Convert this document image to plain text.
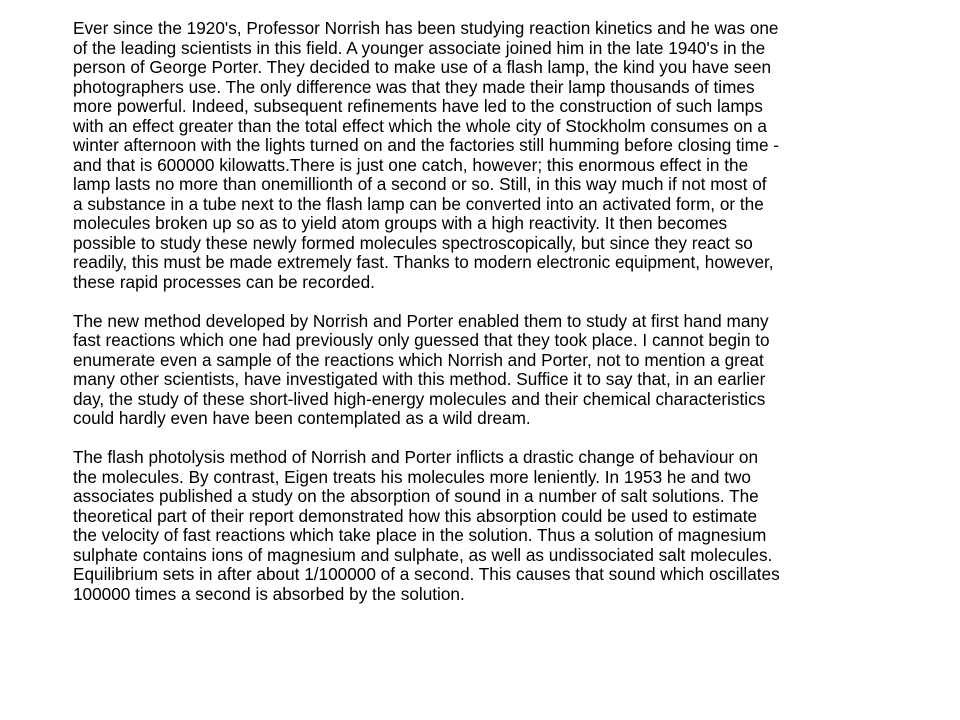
Ever since the 1920's, Professor Norrish has been studying reaction kinetics and he was one
of the leading scientists in this field. A younger associate joined him in the late 1940's in the
person of George Porter. They decided to make use of a flash lamp, the kind you have seen
photographers use. The only difference was that they made their lamp thousands of times
more powerful. Indeed, subsequent refinements have led to the construction of such lamps
with an effect greater than the total effect which the whole city of Stockholm consumes on a
winter afternoon with the lights turned on and the factories still humming before closing time -
and that is 600000 kilowatts.There is just one catch, however; this enormous effect in the
lamp lasts no more than onemillionth of a second or so. Still, in this way much if not most of
a substance in a tube next to the flash lamp can be converted into an activated form, or the
molecules broken up so as to yield atom groups with a high reactivity. It then becomes
possible to study these newly formed molecules spectroscopically, but since they react so
readily, this must be made extremely fast. Thanks to modern electronic equipment, however,
these rapid processes can be recorded.

The new method developed by Norrish and Porter enabled them to study at first hand many
fast reactions which one had previously only guessed that they took place. I cannot begin to
enumerate even a sample of the reactions which Norrish and Porter, not to mention a great
many other scientists, have investigated with this method. Suffice it to say that, in an earlier
day, the study of these short-lived high-energy molecules and their chemical characteristics
could hardly even have been contemplated as a wild dream.

The flash photolysis method of Norrish and Porter inflicts a drastic change of behaviour on
the molecules. By contrast, Eigen treats his molecules more leniently. In 1953 he and two
associates published a study on the absorption of sound in a number of salt solutions. The
theoretical part of their report demonstrated how this absorption could be used to estimate
the velocity of fast reactions which take place in the solution. Thus a solution of magnesium
sulphate contains ions of magnesium and sulphate, as well as undissociated salt molecules.
Equilibrium sets in after about 1/100000 of a second. This causes that sound which oscillates
100000 times a second is absorbed by the solution.
